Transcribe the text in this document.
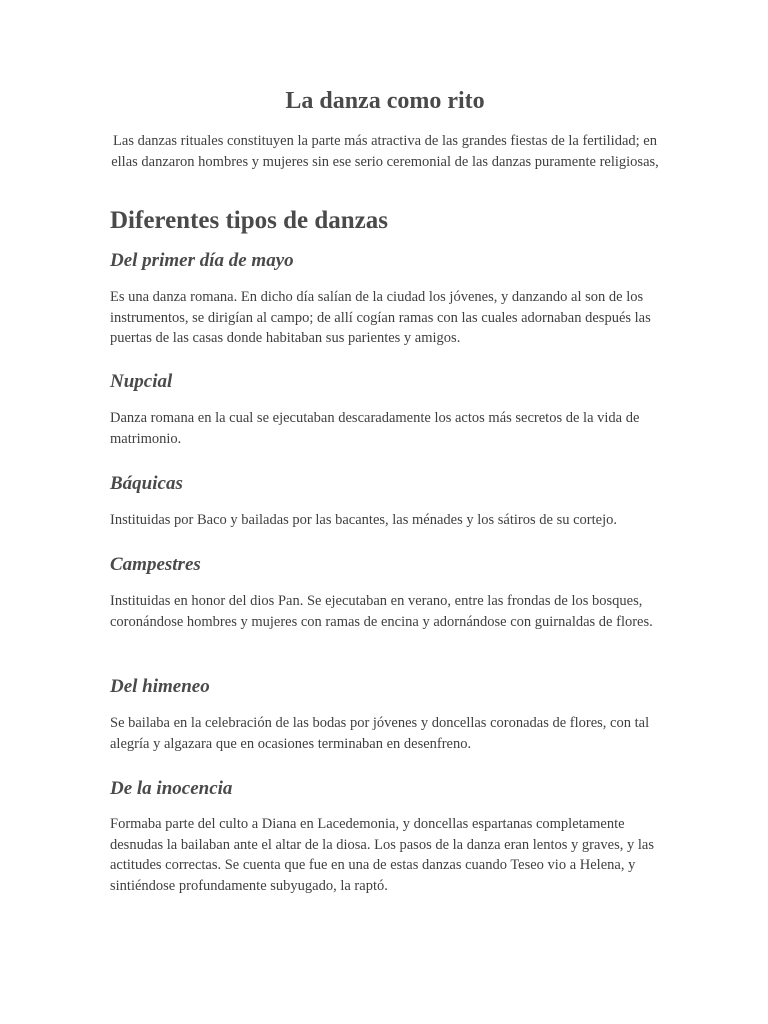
La danza como rito

Las danzas rituales constituyen la parte más atractiva de las grandes fiestas de la fertilidad; en ellas danzaron hombres y mujeres sin ese serio ceremonial de las danzas puramente religiosas,

Diferentes tipos de danzas
Del primer día de mayo

Es una danza romana. En dicho día salían de la ciudad los jóvenes, y danzando al son de los instrumentos, se dirigían al campo; de allí cogían ramas con las cuales adornaban después las puertas de las casas donde habitaban sus parientes y amigos.

Nupcial

Danza romana en la cual se ejecutaban descaradamente los actos más secretos de la vida de matrimonio.

Báquicas

Instituidas por Baco y bailadas por las bacantes, las ménades y los sátiros de su cortejo.

Campestres

Instituidas en honor del dios Pan. Se ejecutaban en verano, entre las frondas de los bosques, coronándose hombres y mujeres con ramas de encina y adornándose con guirnaldas de flores.

Del himeneo

Se bailaba en la celebración de las bodas por jóvenes y doncellas coronadas de flores, con tal alegría y algazara que en ocasiones terminaban en desenfreno.

De la inocencia

Formaba parte del culto a Diana en Lacedemonia, y doncellas espartanas completamente desnudas la bailaban ante el altar de la diosa. Los pasos de la danza eran lentos y graves, y las actitudes correctas. Se cuenta que fue en una de estas danzas cuando Teseo vio a Helena, y sintiéndose profundamente subyugado, la raptó.
